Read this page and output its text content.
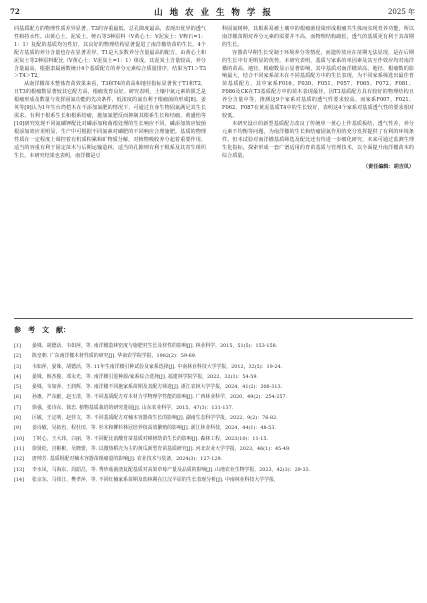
72	山 地 农 业 生 物 学 报	2025 年

同基质配方的物理性质差异显著，T3的容重最低，总孔隙度最高，表现出优异的透气性和持水性。由黄心土、泥炭土、蛭石等3种原料（V黄心土：V泥炭土：V蛭石=1：1：1）复配的基质均匀性好，其良好的物理结构显著促进了南洋楹幼苗的生长。4个配方基质的养分含量也存在显著差异，T1是大多数养分含量最高的配方，由黄心土和泥炭土等2种原料配比（V黄心土：V泥炭土=1：1）组成，其泥炭土含量较高，养分含量最高，根据隶属函数统计4个基质配方的养分元素综合质量排序，结果为T1＞T3＞T4＞T2。

从南洋楹苗木整体育苗效果来看，T3和T4的苗高和地径指标显著优于T1和T2，且T3的根瘤数显著较其它配方高，根瘤发育良好。研究表明，土壤中氮元素的匮乏是根瘤形成及数量与发挥固氮功能的先决条件，低浓度的氮有利于根瘤菌的形成[8]。姜英等[9]认为1年生台湾桤木在不添加氮肥的情况下，可通过自身生物固氮满足其生长需求，有利于根系生长和根系结瘤，施加氮肥反而抑制其根系生长和结瘤。黄盛怡等[10]研究发现不同氮磷钾配比对磷添加和菌根处理的生长响应不同，磷添加效应较菌根添加效应更明显，生产中可根据不同氮素对磷肥的不同响应合理施肥。基质的物理性质在一定程度上调控着有机质积累和矿物质分解，对植物吸收养分起着重要作用，适当的容重有利于固定苗木与后期运输造林，适当的孔隙则有利于根系及其寄生组织生长。本研究结果也表明，南洋楹是豆

科固氮树种，其根系易被土壤中的根瘤菌侵染形成根瘤共生体而实现育养功能，所以南洋楹苗期对养分元素的需要并不高，而物理结构疏松，透气的基质更有利于其苗期的生长。

容器苗早期生长受制于环境养分等情况，而遗传效应在苗期无法显现，是在后期的生长中有更明显的优势。本研究表明，基质与家系的单因素及其互作效应均对南洋楹的苗高、地径、根瘤数显示显著影响，其中基质对南洋楹苗高、地径、根瘤数的影响最大，结合不同家系苗木在不同基质配方中的生长表现，为不同家系筛选出最佳育苗基质配方，其中家系F016、F030、F051、F057、F065、F072、F081、F086及CK在T3基质配方中的苗木表现最佳，因T3基质配方具有较好的物理结构且养分含量中等，推测这9个家系对基质的透气性要求较高。而家系F007、F021、F062、F087在黄泥基质T4中的生长较好，表明这4个家系对基质透气性的要求相对较低。

本研究设计的新型基质配方改良了传统单一黄心土作基质板结、透气性差，养分元素不均衡等问题，为南洋楹的生长和结瘤固氮作用的充分发挥提供了有利的环境条件。但本试验对南洋楹基质筛选及配比还有待进一步细化研究，未来可通过监测生理生化指标，探索形成一套广谱适用的育苗基质与管理技术，以全面提升南洋楹苗木的综合质量。

（责任编辑：胡吉凤）

参　考　文　献：
[1]	晏姝，胡德活，韦如萍，等. 南洋楹造林密度与施肥对生长及材性的影响[J]. 林业科学，2015，51(5)：153-158.
[2]	陈皇朝. 广东南洋楹木材性质的研究[J]. 华南农学院学报，1982(2)：59-69.
[3]	韦如萍，晏姝，胡德活，等. 11年生南洋楹引种试验及家系选择[J]. 中南林业科技大学学报，2012，32(5)：19-24.
[4]	晏姝，韩杰俊，邓永光，等. 南洋楹引进种源/家系综合选择[J]. 福建林学院学报，2022，32(1)：54-59.
[5]	晏姝，韦如萍，王润辉，等. 南洋楹不同施家系苗期及其配方筛选[J]. 浙江农林大学学报，2024，41(2)：306-313.
[6]	孙惠，严东献，赵玉清，等. 不同基质配方对木材力学物理学性能的影响[J]. 广西林业科学，2020，49(2)：254-257.
[7]	徐强，张诗东，徐忠. 植物基质栽培的研究进展[J]. 山东农业科学，2015，47(3)：131-137.
[8]	区敏，王定明，赵佳文，等. 不同基质配方对楠木容器苗生长的影响[J]. 湖南生态科学学报，2022，9(2)：76-82.
[9]	姜诗敏，吴拓也，程杜田，等. 杉木和柳杉林冠培养枝高效繁殖的影响[J]. 浙江林业科技，2024，44(1)：48-53.
[10]	丁时心，王大玮，白丽，等. 不同配比消酸育苗基质对樟树幼苗生长的影响[J]. 森林工程，2023(10)：11-15.
[11]	徐贤松，宫彬彬，吴晓蕾，等. 以微热稻壳为主的黄瓜新型育苗基质研究[J]. 河北农业大学学报，2023，46(1)：45-49.
[12]	唐帅芳. 基质组配对楠木容器苗根瘤量的影响[J]. 农业技术与装备，2024(3)：127-129.
[13]	李水凤，马海东，周韶昌，等. 秀珍菇菌渣复配基质对高果草莓产量及品质的影响[J]. 山地农业生物学报，2023，42(3)：29-33.
[14]	张京东，马炜江，樊孝萍，等. 不同红楠家系苗期及幼林期在江汉平原的生长表现分析[J]. 中南林业科技大学学报，
